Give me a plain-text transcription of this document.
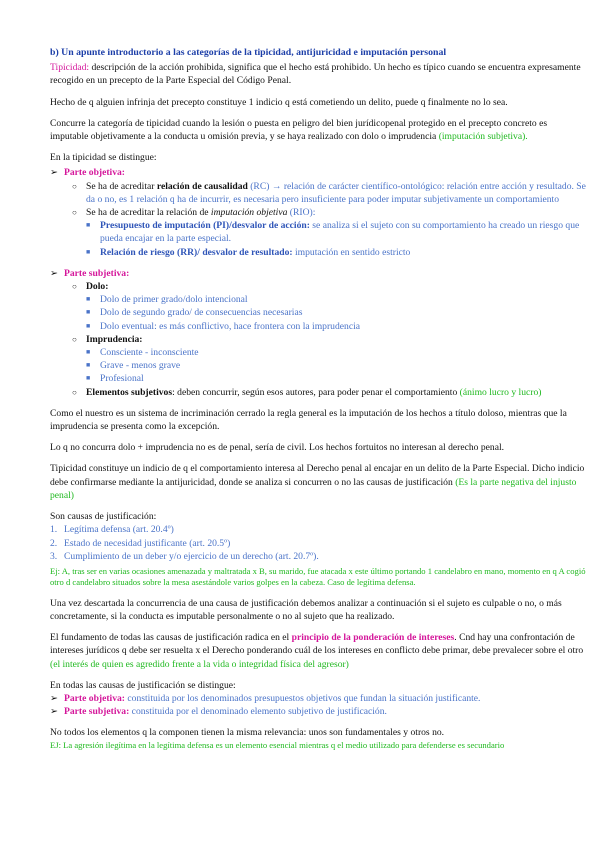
b) Un apunte introductorio a las categorías de la tipicidad, antijuricidad e imputación personal

Tipicidad: descripción de la acción prohibida, significa que el hecho está prohibido. Un hecho es típico cuando se encuentra expresamente recogido en un precepto de la Parte Especial del Código Penal.

Hecho de q alguien infrinja det precepto constituye 1 indicio q está cometiendo un delito, puede q finalmente no lo sea.

Concurre la categoría de tipicidad cuando la lesión o puesta en peligro del bien jurídicopenal protegido en el precepto concreto es imputable objetivamente a la conducta u omisión previa, y se haya realizado con dolo o imprudencia (imputación subjetiva).

En la tipicidad se distingue:
➢ Parte objetiva:
○ Se ha de acreditar relación de causalidad (RC) → relación de carácter científico-ontológico: relación entre acción y resultado. Se da o no, es 1 relación q ha de incurrir, es necesaria pero insuficiente para poder imputar subjetivamente un comportamiento
○ Se ha de acreditar la relación de imputación objetiva (RIO):
■ Presupuesto de imputación (PI)/desvalor de acción: se analiza si el sujeto con su comportamiento ha creado un riesgo que pueda encajar en la parte especial.
■ Relación de riesgo (RR)/ desvalor de resultado: imputación en sentido estricto
➢ Parte subjetiva:
○ Dolo:
■ Dolo de primer grado/dolo intencional
■ Dolo de segundo grado/ de consecuencias necesarias
■ Dolo eventual: es más conflictivo, hace frontera con la imprudencia
○ Imprudencia:
■ Consciente - inconsciente
■ Grave - menos grave
■ Profesional
○ Elementos subjetivos: deben concurrir, según esos autores, para poder penar el comportamiento (ánimo lucro y lucro)

Como el nuestro es un sistema de incriminación cerrado la regla general es la imputación de los hechos a título doloso, mientras que la imprudencia se presenta como la excepción.

Lo q no concurra dolo + imprudencia no es de penal, sería de civil. Los hechos fortuitos no interesan al derecho penal.

Tipicidad constituye un indicio de q el comportamiento interesa al Derecho penal al encajar en un delito de la Parte Especial. Dicho indicio debe confirmarse mediante la antijuricidad, donde se analiza si concurren o no las causas de justificación (Es la parte negativa del injusto penal)

Son causas de justificación:
1. Legítima defensa (art. 20.4º)
2. Estado de necesidad justificante (art. 20.5º)
3. Cumplimiento de un deber y/o ejercicio de un derecho (art. 20.7º).
Ej: A, tras ser en varias ocasiones amenazada y maltratada x B, su marido, fue atacada x este último portando 1 candelabro en mano, momento en q A cogió otro d candelabro situados sobre la mesa asestándole varios golpes en la cabeza. Caso de legítima defensa.

Una vez descartada la concurrencia de una causa de justificación debemos analizar a continuación si el sujeto es culpable o no, o más concretamente, si la conducta es imputable personalmente o no al sujeto que ha realizado.

El fundamento de todas las causas de justificación radica en el principio de la ponderación de intereses. Cnd hay una confrontación de intereses jurídicos q debe ser resuelta x el Derecho ponderando cuál de los intereses en conflicto debe primar, debe prevalecer sobre el otro (el interés de quien es agredido frente a la vida o integridad física del agresor)

En todas las causas de justificación se distingue:
➢ Parte objetiva: constituida por los denominados presupuestos objetivos que fundan la situación justificante.
➢ Parte subjetiva: constituida por el denominado elemento subjetivo de justificación.
No todos los elementos q la componen tienen la misma relevancia: unos son fundamentales y otros no.
EJ: La agresión ilegítima en la legítima defensa es un elemento esencial mientras q el medio utilizado para defenderse es secundario
